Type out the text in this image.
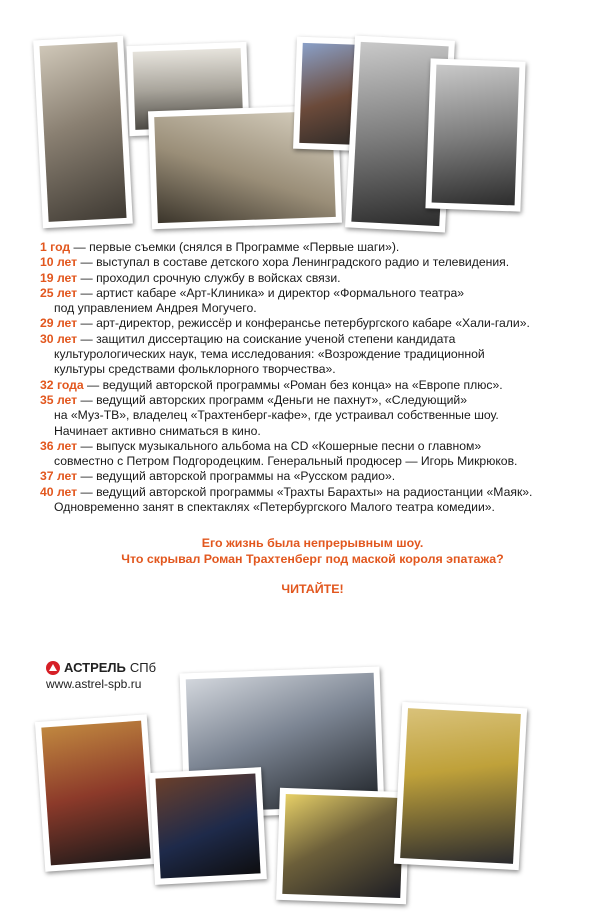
1 год — первые съемки (снялся в Программе «Первые шаги»).

10 лет — выступал в составе детского хора Ленинградского радио и телевидения.

19 лет — проходил срочную службу в войсках связи.

25 лет — артист кабаре «Арт-Клиника» и директор «Формального театра»

под управлением Андрея Могучего.

29 лет — арт-директор, режиссёр и конферансье петербургского кабаре «Хали-гали».

30 лет — защитил диссертацию на соискание ученой степени кандидата

культурологических наук, тема исследования: «Возрождение традиционной

культуры средствами фольклорного творчества».

32 года — ведущий авторской программы «Роман без конца» на «Европе плюс».

35 лет — ведущий авторских программ «Деньги не пахнут», «Следующий»

на «Муз-ТВ», владелец «Трахтенберг-кафе», где устраивал собственные шоу.

Начинает активно сниматься в кино.

36 лет — выпуск музыкального альбома на CD «Кошерные песни о главном»

совместно с Петром Подгородецким. Генеральный продюсер — Игорь Микрюков.

37 лет — ведущий авторской программы на «Русском радио».

40 лет — ведущий авторской программы «Трахты Барахты» на радиостанции «Маяк».

Одновременно занят в спектаклях «Петербургского Малого театра комедии».

Его жизнь была непрерывным шоу.
Что скрывал Роман Трахтенберг под маской короля эпатажа?
ЧИТАЙТЕ!
АСТРЕЛЬ СПб
www.astrel-spb.ru
